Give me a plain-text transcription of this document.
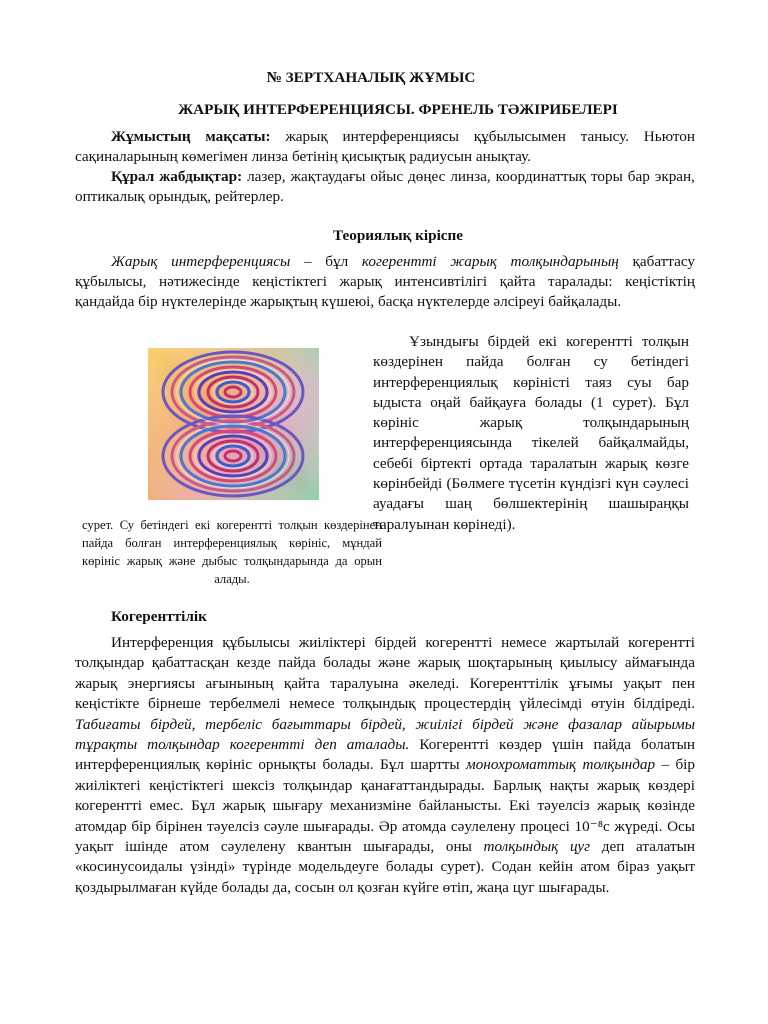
№ ЗЕРТХАНАЛЫҚ ЖҰМЫС
ЖАРЫҚ ИНТЕРФЕРЕНЦИЯСЫ. ФРЕНЕЛЬ ТӘЖІРИБЕЛЕРІ
Жұмыстың мақсаты: жарық интерференциясы құбылысымен танысу. Ньютон сақиналарының көмегімен линза бетінің қисықтық радиусын анықтау.
Құрал жабдықтар: лазер, жақтаудағы ойыс дөңес линза, координаттық торы бар экран, оптикалық орындық, рейтерлер.
Теориялық кіріспе
Жарық интерференциясы – бұл когерентті жарық толқындарының қабаттасу құбылысы, нәтижесінде кеңістіктегі жарық интенсивтілігі қайта таралады: кеңістіктің қандайда бір нүктелерінде жарықтың күшеюі, басқа нүктелерде әлсіреуі байқалады.
сурет. Су бетіндегі екі когерентті толқын көздерінен пайда болған интерференциялық көрініс, мұндай көрініс жарық және дыбыс толқындарында да орын алады.
Ұзындығы бірдей екі когерентті толқын көздерінен пайда болған су бетіндегі интерференциялық көріністі таяз суы бар ыдыста оңай байқауға болады (1 сурет). Бұл көрініс жарық толқындарының интерференциясында тікелей байқалмайды, себебі біртекті ортада таралатын жарық көзге көрінбейді (Бөлмеге түсетін күндізгі күн сәулесі ауадағы шаң бөлшектерінің шашыраңқы таралуынан көрінеді).
Когеренттілік
Интерференция құбылысы жиіліктері бірдей когерентті немесе жартылай когерентті толқындар қабаттасқан кезде пайда болады және жарық шоқтарының қиылысу аймағында жарық энергиясы ағынының қайта таралуына әкеледі. Когеренттілік ұғымы уақыт пен кеңістікте бірнеше тербелмелі немесе толқындық процестердің үйлесімді өтуін білдіреді. Табиғаты бірдей, тербеліс бағыттары бірдей, жиілігі бірдей және фазалар айырымы тұрақты толқындар когерентті деп аталады. Когерентті көздер үшін пайда болатын интерференциялық көрініс орнықты болады. Бұл шартты монохроматтық толқындар – бір жиіліктегі кеңістіктегі шексіз толқындар қанағаттандырады. Барлық нақты жарық көздері когерентті емес. Бұл жарық шығару механизміне байланысты. Екі тәуелсіз жарық көзінде атомдар бір бірінен тәуелсіз сәуле шығарады. Әр атомда сәулелену процесі 10⁻⁸с жүреді. Осы уақыт ішінде атом сәулелену квантын шығарады, оны толқындық цуг деп аталатын «косинусоидалы үзінді» түрінде модельдеуге болады сурет). Содан кейін атом біраз уақыт қоздырылмаған күйде болады да, сосын ол қозған күйге өтіп, жаңа цуг шығарады.
